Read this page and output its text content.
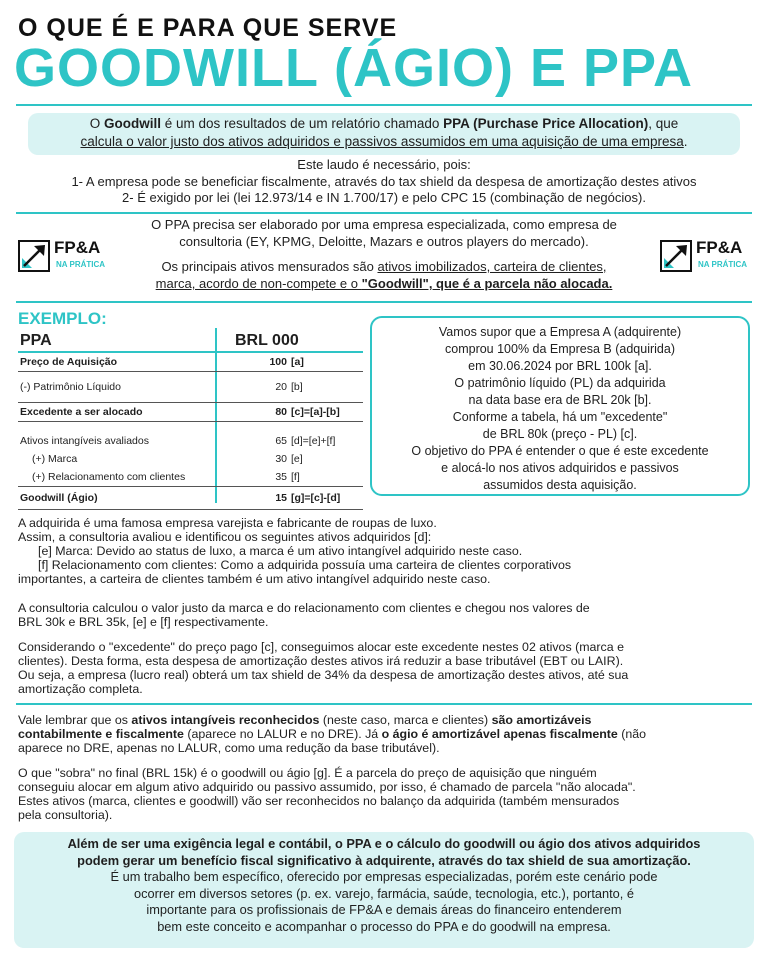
O QUE É E PARA QUE SERVE
GOODWILL (ÁGIO) E PPA
O Goodwill é um dos resultados de um relatório chamado PPA (Purchase Price Allocation), que
calcula o valor justo dos ativos adquiridos e passivos assumidos em uma aquisição de uma empresa.
Este laudo é necessário, pois:
1- A empresa pode se beneficiar fiscalmente, através do tax shield da despesa de amortização destes ativos
2- É exigido por lei (lei 12.973/14 e IN 1.700/17) e pelo CPC 15 (combinação de negócios).
FP&A
NA PRÁTICA
FP&A
NA PRÁTICA
O PPA precisa ser elaborado por uma empresa especializada, como empresa de
consultoria (EY, KPMG, Deloitte, Mazars e outros players do mercado).
Os principais ativos mensurados são ativos imobilizados, carteira de clientes,
marca, acordo de non-compete e o "Goodwill", que é a parcela não alocada.
EXEMPLO:
PPA	BRL 000	
Preço de Aquisição	100	[a]
(-) Patrimônio Líquido	20	[b]
Excedente a ser alocado	80	[c]=[a]-[b]
Ativos intangíveis avaliados	65	[d]=[e]+[f]
(+) Marca	30	[e]
(+) Relacionamento com clientes	35	[f]
Goodwill (Ágio)	15	[g]=[c]-[d]
Vamos supor que a Empresa A (adquirente)
comprou 100% da Empresa B (adquirida)
em 30.06.2024 por BRL 100k [a].
O patrimônio líquido (PL) da adquirida
na data base era de BRL 20k [b].
Conforme a tabela, há um "excedente"
de BRL 80k (preço - PL) [c].
O objetivo do PPA é entender o que é este excedente
e alocá-lo nos ativos adquiridos e passivos
assumidos desta aquisição.
A adquirida é uma famosa empresa varejista e fabricante de roupas de luxo.
Assim, a consultoria avaliou e identificou os seguintes ativos adquiridos [d]:
[e] Marca: Devido ao status de luxo, a marca é um ativo intangível adquirido neste caso.
[f] Relacionamento com clientes: Como a adquirida possuía uma carteira de clientes corporativos
importantes, a carteira de clientes também é um ativo intangível adquirido neste caso.
A consultoria calculou o valor justo da marca e do relacionamento com clientes e chegou nos valores de
BRL 30k e BRL 35k, [e] e [f] respectivamente.
Considerando o "excedente" do preço pago [c], conseguimos alocar este excedente nestes 02 ativos (marca e
clientes). Desta forma, esta despesa de amortização destes ativos irá reduzir a base tributável (EBT ou LAIR).
Ou seja, a empresa (lucro real) obterá um tax shield de 34% da despesa de amortização destes ativos, até sua
amortização completa.
Vale lembrar que os ativos intangíveis reconhecidos (neste caso, marca e clientes) são amortizáveis
contabilmente e fiscalmente (aparece no LALUR e no DRE). Já o ágio é amortizável apenas fiscalmente (não
aparece no DRE, apenas no LALUR, como uma redução da base tributável).
O que "sobra" no final (BRL 15k) é o goodwill ou ágio [g]. É a parcela do preço de aquisição que ninguém
conseguiu alocar em algum ativo adquirido ou passivo assumido, por isso, é chamado de parcela "não alocada".
Estes ativos (marca, clientes e goodwill) vão ser reconhecidos no balanço da adquirida (também mensurados
pela consultoria).
Além de ser uma exigência legal e contábil, o PPA e o cálculo do goodwill ou ágio dos ativos adquiridos
podem gerar um benefício fiscal significativo à adquirente, através do tax shield de sua amortização.
É um trabalho bem específico, oferecido por empresas especializadas, porém este cenário pode
ocorrer em diversos setores (p. ex. varejo, farmácia, saúde, tecnologia, etc.), portanto, é
importante para os profissionais de FP&A e demais áreas do financeiro entenderem
bem este conceito e acompanhar o processo do PPA e do goodwill na empresa.
